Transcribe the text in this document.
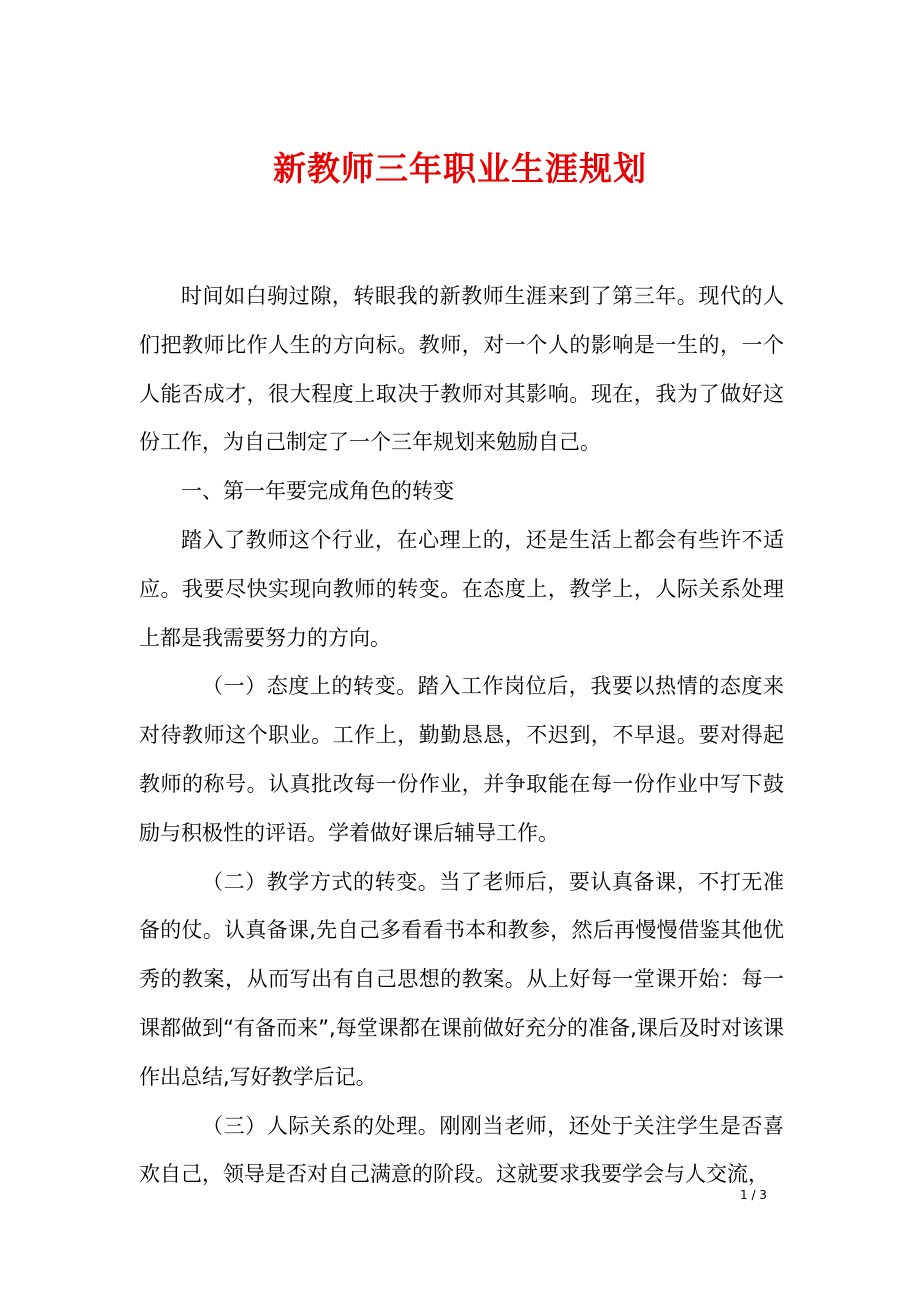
新教师三年职业生涯规划

时间如白驹过隙，转眼我的新教师生涯来到了第三年。现代的人们把教师比作人生的方向标。教师，对一个人的影响是一生的，一个人能否成才，很大程度上取决于教师对其影响。现在，我为了做好这份工作，为自己制定了一个三年规划来勉励自己。

一、第一年要完成角色的转变

踏入了教师这个行业，在心理上的，还是生活上都会有些许不适应。我要尽快实现向教师的转变。在态度上，教学上，人际关系处理上都是我需要努力的方向。

（一）态度上的转变。踏入工作岗位后，我要以热情的态度来对待教师这个职业。工作上，勤勤恳恳，不迟到，不早退。要对得起教师的称号。认真批改每一份作业，并争取能在每一份作业中写下鼓励与积极性的评语。学着做好课后辅导工作。

（二）教学方式的转变。当了老师后，要认真备课，不打无准备的仗。认真备课,先自己多看看书本和教参，然后再慢慢借鉴其他优秀的教案，从而写出有自己思想的教案。从上好每一堂课开始：每一课都做到“有备而来”,每堂课都在课前做好充分的准备,课后及时对该课作出总结,写好教学后记。

（三）人际关系的处理。刚刚当老师，还处于关注学生是否喜欢自己，领导是否对自己满意的阶段。这就要求我要学会与人交流，

1 / 3
